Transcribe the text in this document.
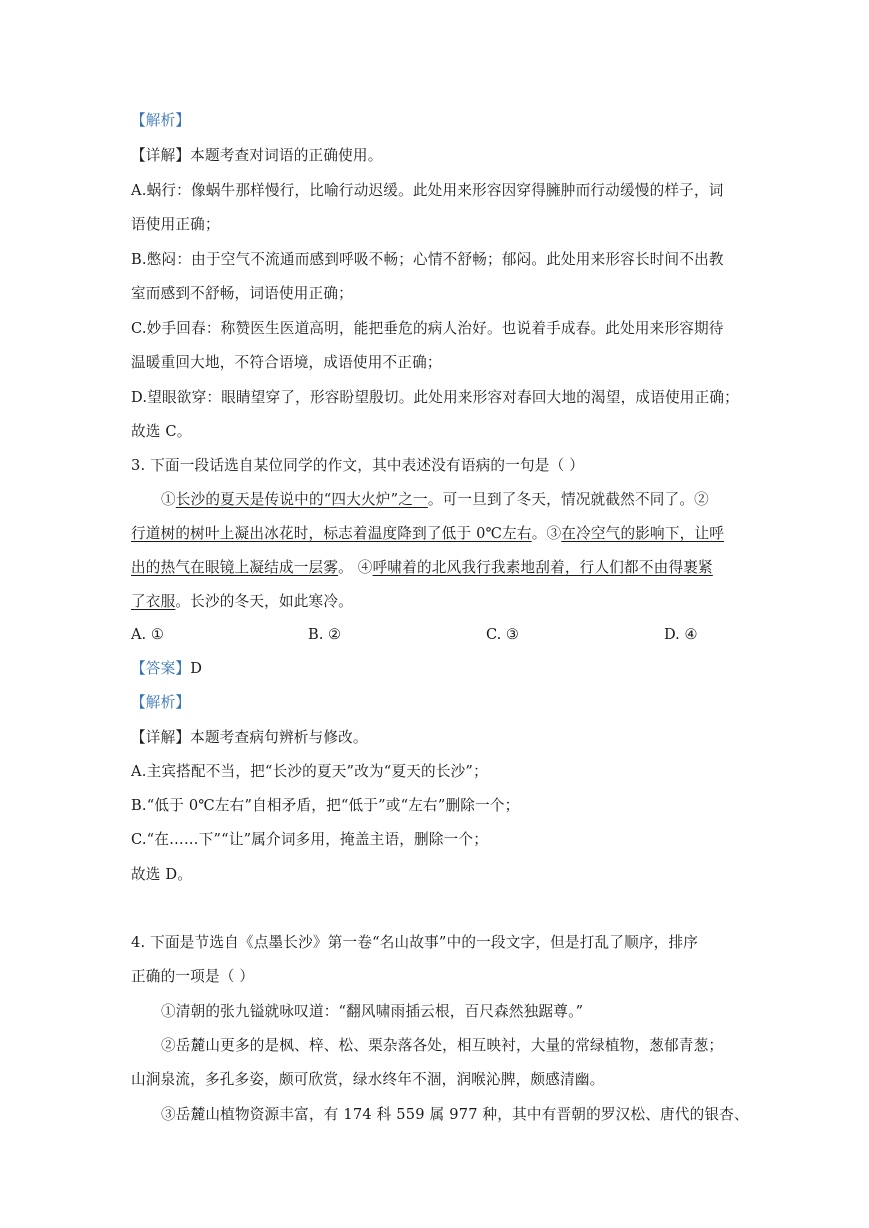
【解析】
【详解】本题考查对词语的正确使用。
A.蜗行：像蜗牛那样慢行，比喻行动迟缓。此处用来形容因穿得臃肿而行动缓慢的样子，词
语使用正确；
B.憋闷：由于空气不流通而感到呼吸不畅；心情不舒畅；郁闷。此处用来形容长时间不出教
室而感到不舒畅，词语使用正确；
C.妙手回春：称赞医生医道高明，能把垂危的病人治好。也说着手成春。此处用来形容期待
温暖重回大地，不符合语境，成语使用不正确；
D.望眼欲穿：眼睛望穿了，形容盼望殷切。此处用来形容对春回大地的渴望，成语使用正确；
故选 C。
3. 下面一段话选自某位同学的作文，其中表述没有语病的一句是（ ）
①长沙的夏天是传说中的“四大火炉”之一。可一旦到了冬天，情况就截然不同了。②
行道树的树叶上凝出冰花时，标志着温度降到了低于 0℃左右。③在冷空气的影响下，让呼
出的热气在眼镜上凝结成一层雾。 ④呼啸着的北风我行我素地刮着，行人们都不由得裹紧
了衣服。长沙的冬天，如此寒冷。
A. ①	B. ②	C. ③	D. ④
【答案】D
【解析】
【详解】本题考查病句辨析与修改。
A.主宾搭配不当，把“长沙的夏天”改为“夏天的长沙”；
B.“低于 0℃左右”自相矛盾，把“低于”或“左右”删除一个；
C.“在……下”“让”属介词多用，掩盖主语，删除一个；
故选 D。
4. 下面是节选自《点墨长沙》第一卷“名山故事”中的一段文字，但是打乱了顺序，排序
正确的一项是（ ）
①清朝的张九镒就咏叹道：“翻风啸雨插云根，百尺森然独踞尊。”
②岳麓山更多的是枫、梓、松、栗杂落各处，相互映衬，大量的常绿植物，葱郁青葱；
山涧泉流，多孔多姿，颇可欣赏，绿水终年不涸，润喉沁脾，颇感清幽。
③岳麓山植物资源丰富，有 174 科 559 属 977 种，其中有晋朝的罗汉松、唐代的银杏、
